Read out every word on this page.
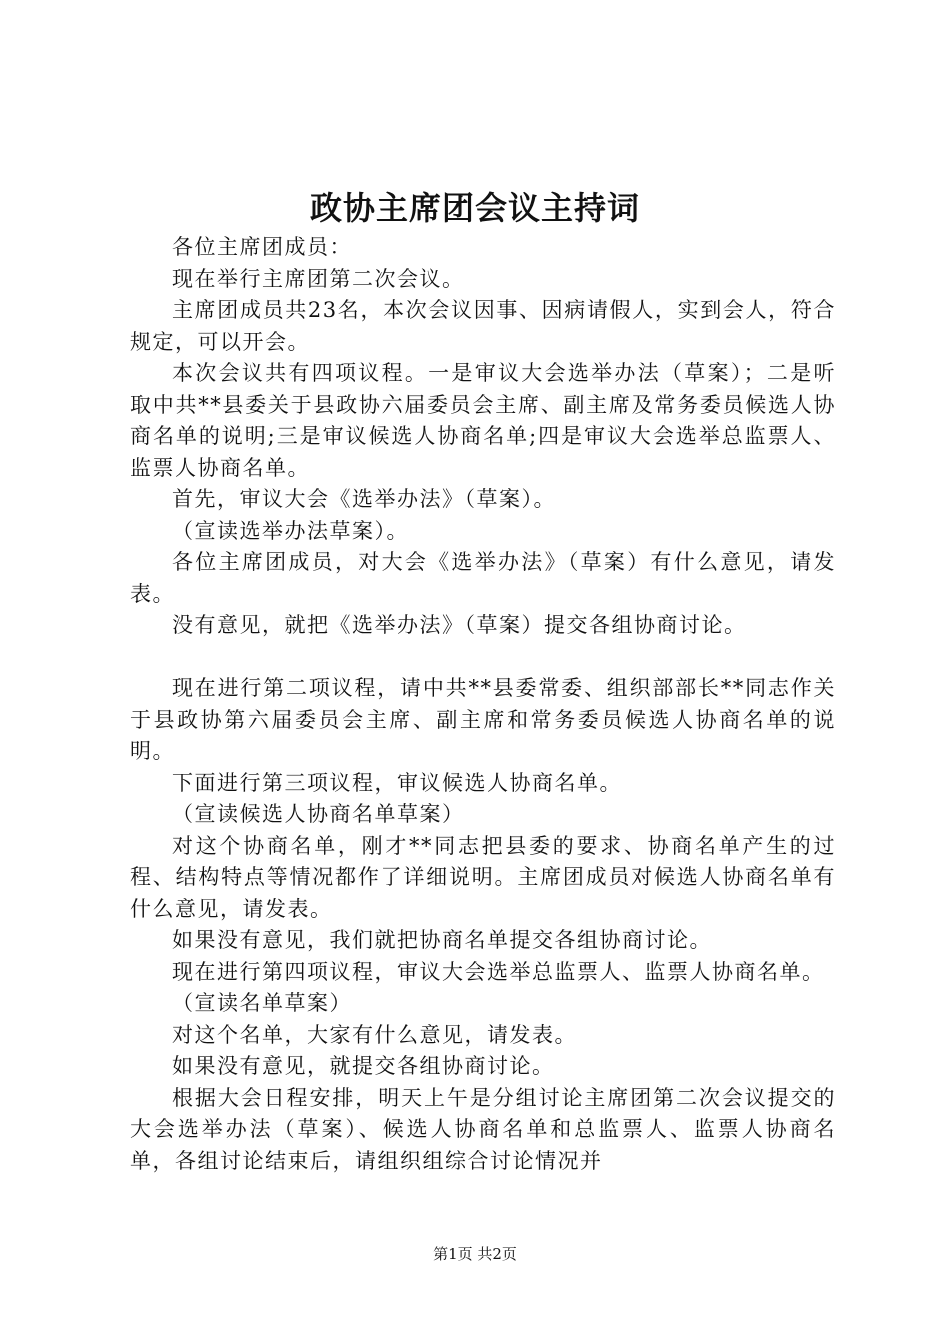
政协主席团会议主持词

各位主席团成员：

现在举行主席团第二次会议。

主席团成员共23名，本次会议因事、因病请假人，实到会人，符合规定，可以开会。

本次会议共有四项议程。一是审议大会选举办法（草案）；二是听取中共**县委关于县政协六届委员会主席、副主席及常务委员候选人协商名单的说明;三是审议候选人协商名单;四是审议大会选举总监票人、监票人协商名单。

首先，审议大会《选举办法》（草案）。

（宣读选举办法草案）。

各位主席团成员，对大会《选举办法》（草案）有什么意见，请发表。

没有意见，就把《选举办法》（草案）提交各组协商讨论。

现在进行第二项议程，请中共**县委常委、组织部部长**同志作关于县政协第六届委员会主席、副主席和常务委员候选人协商名单的说明。

下面进行第三项议程，审议候选人协商名单。

（宣读候选人协商名单草案）

对这个协商名单，刚才**同志把县委的要求、协商名单产生的过程、结构特点等情况都作了详细说明。主席团成员对候选人协商名单有什么意见，请发表。

如果没有意见，我们就把协商名单提交各组协商讨论。

现在进行第四项议程，审议大会选举总监票人、监票人协商名单。

（宣读名单草案）

对这个名单，大家有什么意见，请发表。

如果没有意见，就提交各组协商讨论。

根据大会日程安排，明天上午是分组讨论主席团第二次会议提交的大会选举办法（草案）、候选人协商名单和总监票人、监票人协商名单，各组讨论结束后，请组织组综合讨论情况并

第1页 共2页
